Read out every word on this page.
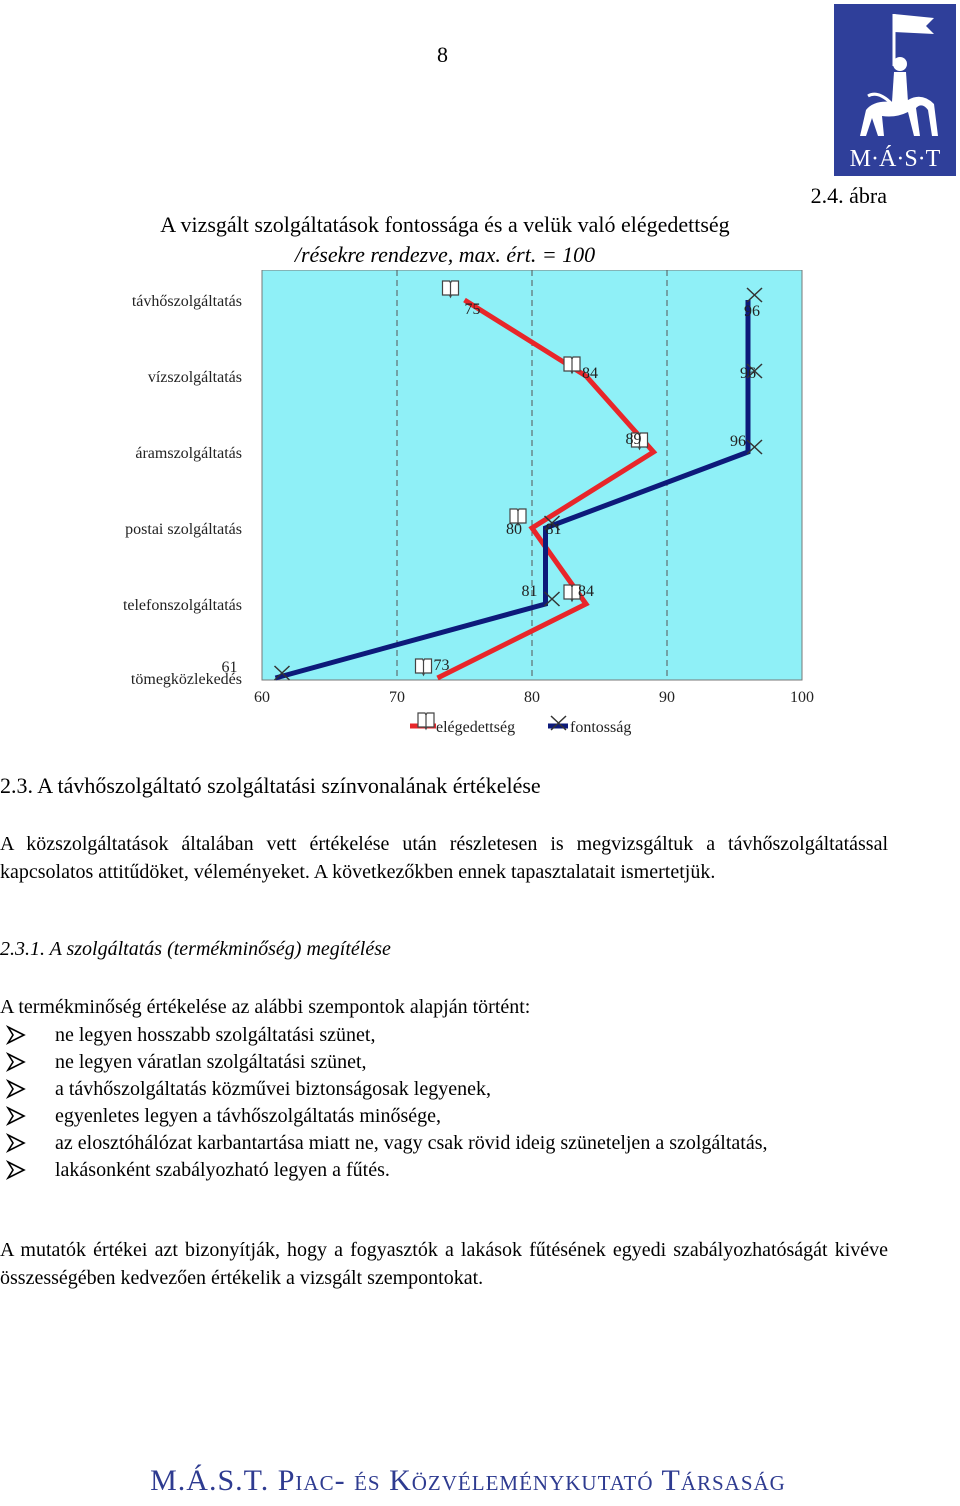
8
M·Á·S·T
2.4. ábra
A vizsgált szolgáltatások fontossága és a velük való elégedettség
/résekre rendezve, max. ért. = 100
60	70	80	90	100
távhőszolgáltatás
vízszolgáltatás
áramszolgáltatás
postai szolgáltatás
telefonszolgáltatás
tömegközlekedés
75
84
89
80
84
73
96
96
96
81
81
61
elégedettség	fontosság
2.3. A távhőszolgáltató szolgáltatási színvonalának értékelése
A közszolgáltatások általában vett értékelése után részletesen is megvizsgáltuk a távhőszolgáltatással kapcsolatos attitűdöket, véleményeket. A következőkben ennek tapasztalatait ismertetjük.
2.3.1. A szolgáltatás (termékminőség) megítélése
A termékminőség értékelése az alábbi szempontok alapján történt:
ne legyen hosszabb szolgáltatási szünet,
ne legyen váratlan szolgáltatási szünet,
a távhőszolgáltatás közművei biztonságosak legyenek,
egyenletes legyen a távhőszolgáltatás minősége,
az elosztóhálózat karbantartása miatt ne, vagy csak rövid ideig szüneteljen a szolgáltatás,
lakásonként szabályozható legyen a fűtés.
A mutatók értékei azt bizonyítják, hogy a fogyasztók a lakások fűtésének egyedi szabályozhatóságát kivéve összességében kedvezően értékelik a vizsgált szempontokat.
M.Á.S.T. Piac- és Közvéleménykutató Társaság
